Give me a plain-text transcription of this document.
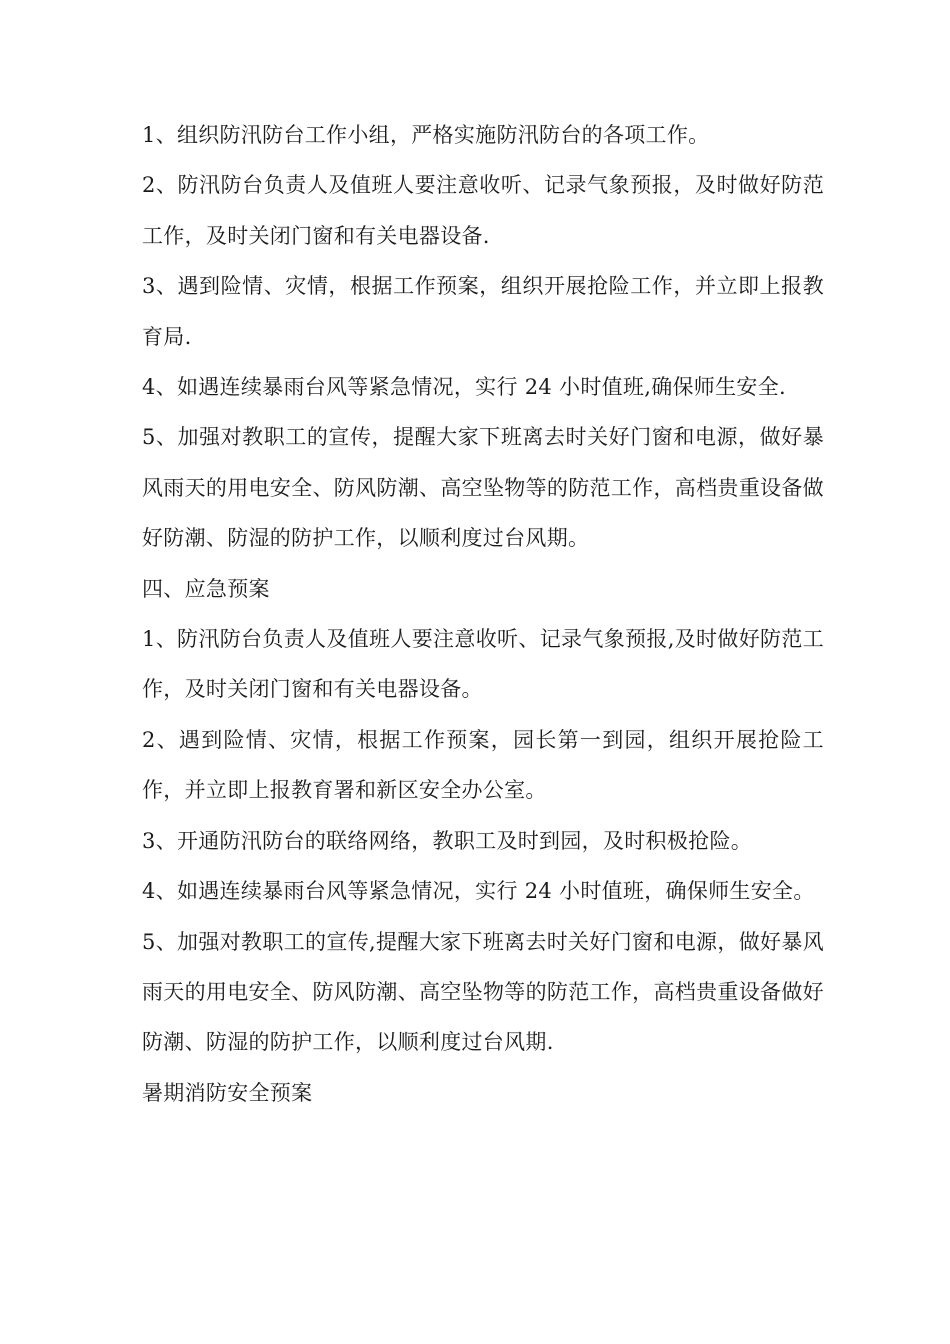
1、组织防汛防台工作小组，严格实施防汛防台的各项工作。

2、防汛防台负责人及值班人要注意收听、记录气象预报，及时做好防范工作，及时关闭门窗和有关电器设备.

3、遇到险情、灾情，根据工作预案，组织开展抢险工作，并立即上报教育局.

4、如遇连续暴雨台风等紧急情况，实行 24 小时值班,确保师生安全.

5、加强对教职工的宣传，提醒大家下班离去时关好门窗和电源，做好暴风雨天的用电安全、防风防潮、高空坠物等的防范工作，高档贵重设备做好防潮、防湿的防护工作，以顺利度过台风期。

四、应急预案

1、防汛防台负责人及值班人要注意收听、记录气象预报,及时做好防范工作，及时关闭门窗和有关电器设备。

2、遇到险情、灾情，根据工作预案，园长第一到园，组织开展抢险工作，并立即上报教育署和新区安全办公室。

3、开通防汛防台的联络网络，教职工及时到园，及时积极抢险。

4、如遇连续暴雨台风等紧急情况，实行 24 小时值班，确保师生安全。

5、加强对教职工的宣传,提醒大家下班离去时关好门窗和电源，做好暴风雨天的用电安全、防风防潮、高空坠物等的防范工作，高档贵重设备做好防潮、防湿的防护工作，以顺利度过台风期.

暑期消防安全预案
